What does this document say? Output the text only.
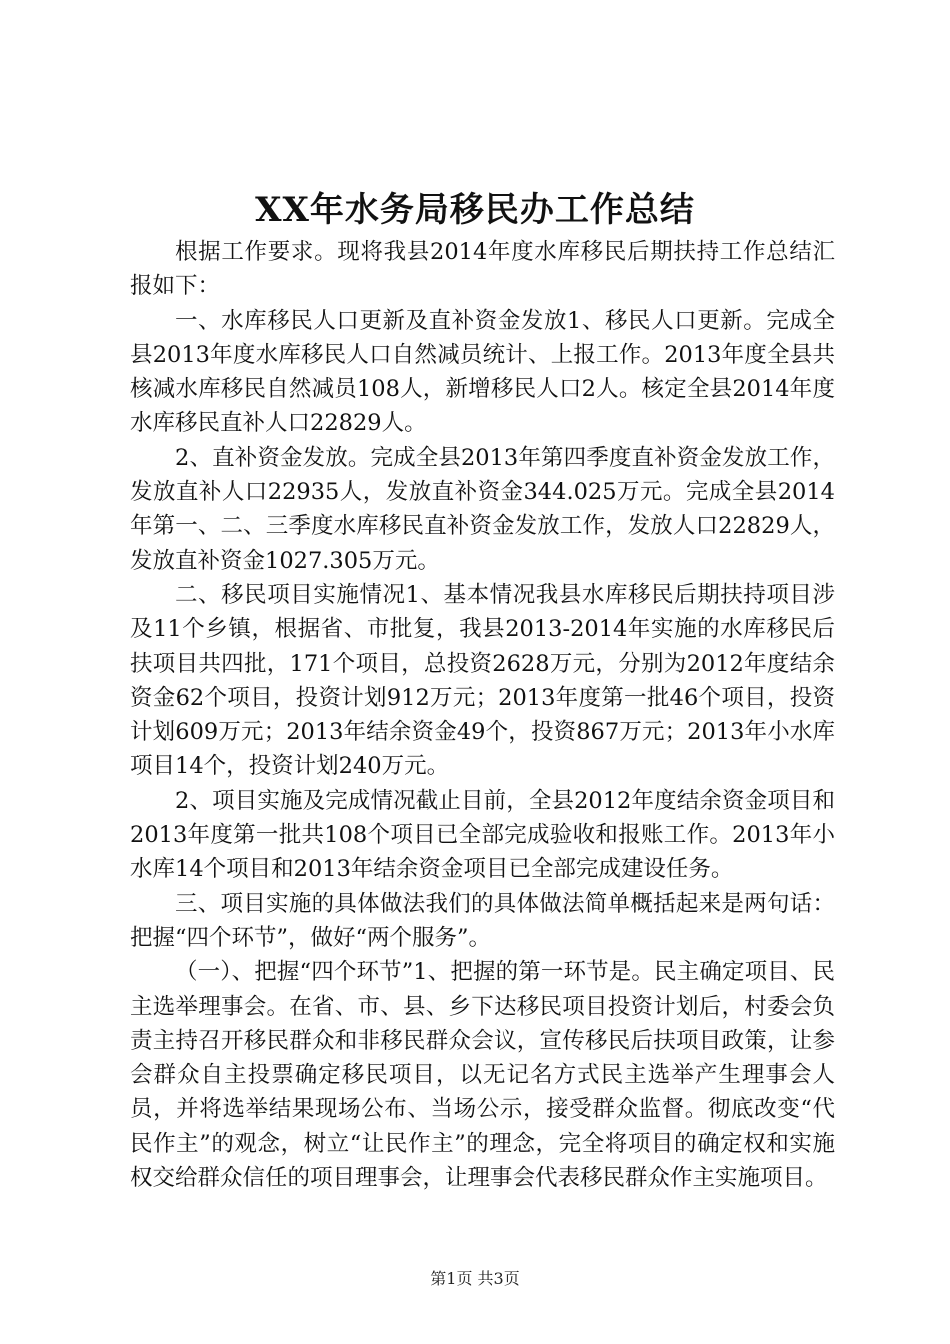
XX年水务局移民办工作总结

根据工作要求。现将我县2014年度水库移民后期扶持工作总结汇报如下：

一、水库移民人口更新及直补资金发放1、移民人口更新。完成全县2013年度水库移民人口自然减员统计、上报工作。2013年度全县共核减水库移民自然减员108人，新增移民人口2人。核定全县2014年度水库移民直补人口22829人。

2、直补资金发放。完成全县2013年第四季度直补资金发放工作，发放直补人口22935人，发放直补资金344.025万元。完成全县2014年第一、二、三季度水库移民直补资金发放工作，发放人口22829人，发放直补资金1027.305万元。

二、移民项目实施情况1、基本情况我县水库移民后期扶持项目涉及11个乡镇，根据省、市批复，我县2013-2014年实施的水库移民后扶项目共四批，171个项目，总投资2628万元，分别为2012年度结余资金62个项目，投资计划912万元；2013年度第一批46个项目，投资计划609万元；2013年结余资金49个，投资867万元；2013年小水库项目14个，投资计划240万元。

2、项目实施及完成情况截止目前，全县2012年度结余资金项目和2013年度第一批共108个项目已全部完成验收和报账工作。2013年小水库14个项目和2013年结余资金项目已全部完成建设任务。

三、项目实施的具体做法我们的具体做法简单概括起来是两句话：把握“四个环节”，做好“两个服务”。

（一）、把握“四个环节”1、把握的第一环节是。民主确定项目、民主选举理事会。在省、市、县、乡下达移民项目投资计划后，村委会负责主持召开移民群众和非移民群众会议，宣传移民后扶项目政策，让参会群众自主投票确定移民项目，以无记名方式民主选举产生理事会人员，并将选举结果现场公布、当场公示，接受群众监督。彻底改变“代民作主”的观念，树立“让民作主”的理念，完全将项目的确定权和实施权交给群众信任的项目理事会，让理事会代表移民群众作主实施项目。

第1页 共3页
